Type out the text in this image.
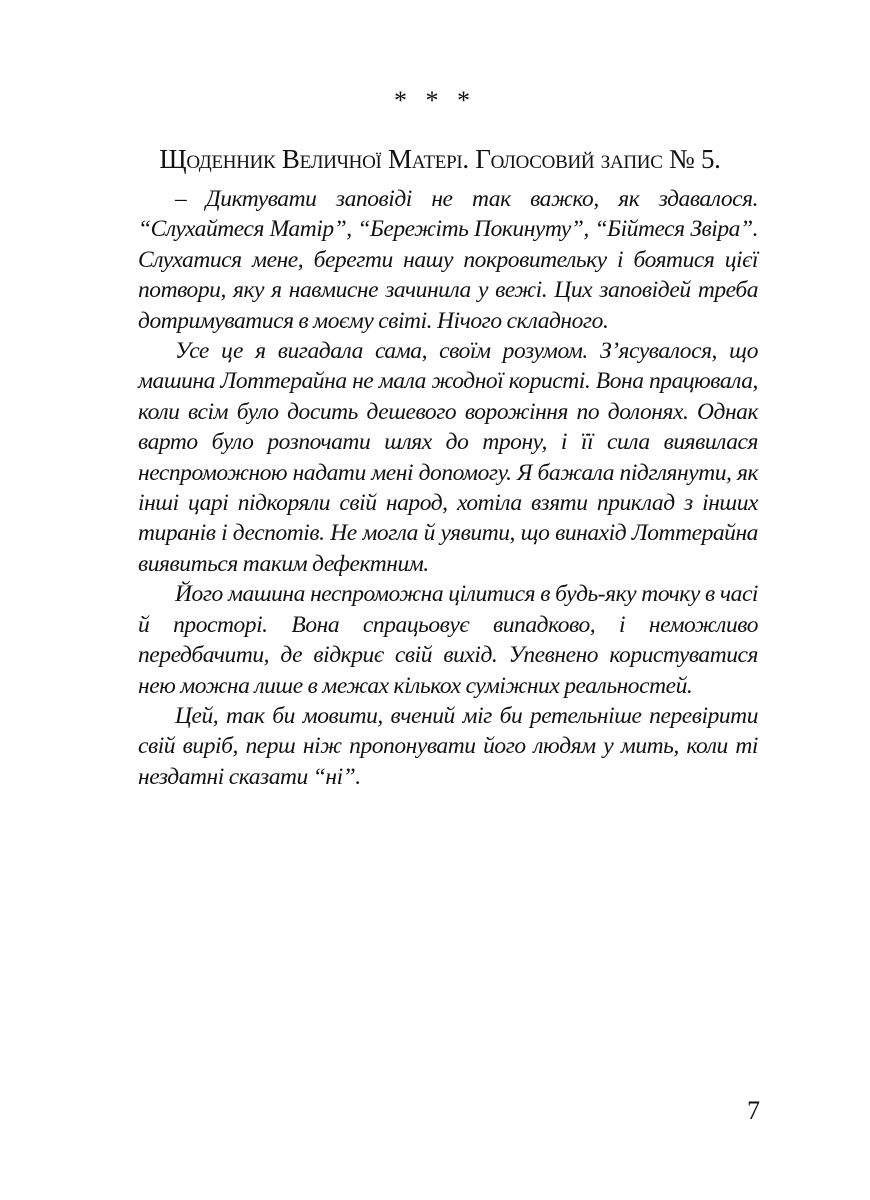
* * *
Щоденник Величної Матері. Голосовий запис № 5.

– Диктувати заповіді не так важко, як здавалося. “Слухайтеся Матір”, “Бережіть Покинуту”, “Бійтеся Звіра”. Слухатися мене, берегти нашу покровительку і боятися цієї потвори, яку я навмисне зачинила у вежі. Цих заповідей треба дотримуватися в моєму світі. Нічого складного.

Усе це я вигадала сама, своїм розумом. З’ясувалося, що машина Лоттерайна не мала жодної користі. Вона працювала, коли всім було досить дешевого ворожіння по долонях. Однак варто було розпочати шлях до трону, і її сила виявилася неспроможною надати мені допомогу. Я бажала підглянути, як інші царі підкоряли свій народ, хотіла взяти приклад з інших тиранів і деспотів. Не могла й уявити, що винахід Лоттерайна виявиться таким дефектним.

Його машина неспроможна цілитися в будь-яку точку в часі й просторі. Вона спрацьовує випадково, і неможливо передбачити, де відкриє свій вихід. Упевнено користуватися нею можна лише в межах кількох суміжних реальностей.

Цей, так би мовити, вчений міг би ретельніше перевірити свій виріб, перш ніж пропонувати його людям у мить, коли ті нездатні сказати “ні”.

7
